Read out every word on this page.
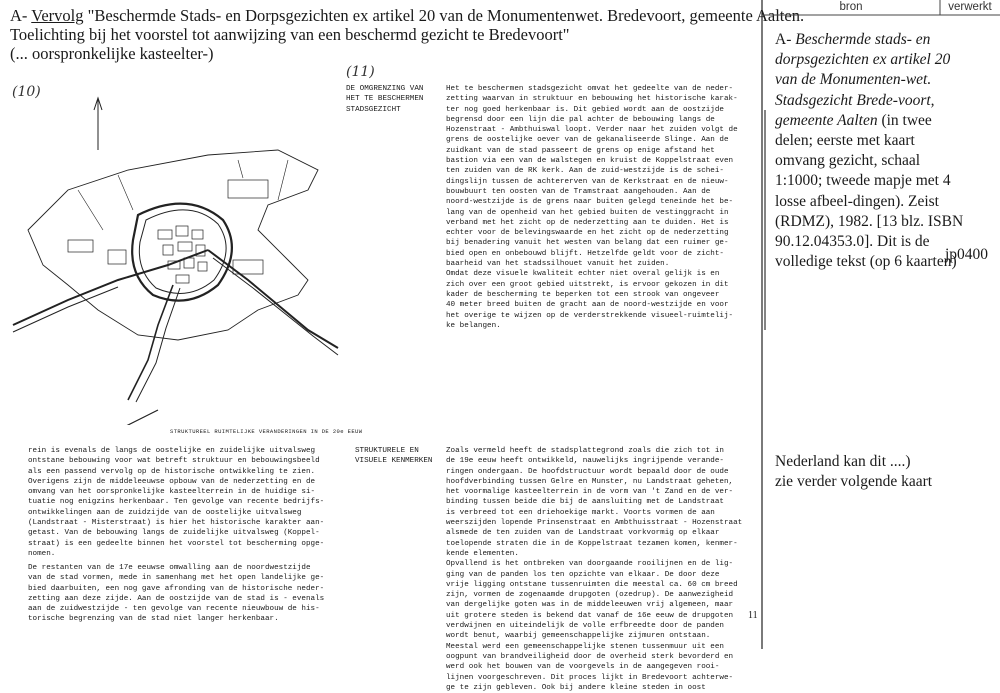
A- Vervolg "Beschermde Stads- en Dorpsgezichten ex artikel 20 van de Monumentenwet. Bredevoort, gemeente Aalten.
Toelichting bij het voorstel tot aanwijzing van een beschermd gezicht te Bredevoort"
(... oorspronkelijke kasteelter-)
(10)
(11)
STRUKTUREEL RUIMTELIJKE VERANDERINGEN IN DE 20e EEUW
DE OMGRENZING VAN
HET TE BESCHERMEN
STADSGEZICHT
Het te beschermen stadsgezicht omvat het gedeelte van de neder-
zetting waarvan in struktuur en bebouwing het historische karak-
ter nog goed herkenbaar is. Dit gebied wordt aan de oostzijde
begrensd door een lijn die pal achter de bebouwing langs de
Hozenstraat - Ambthuiswal loopt. Verder naar het zuiden volgt de
grens de oostelijke oever van de gekanaliseerde Slinge. Aan de
zuidkant van de stad passeert de grens op enige afstand het
bastion via een van de walstegen en kruist de Koppelstraat even
ten zuiden van de RK kerk. Aan de zuid-westzijde is de schei-
dingslijn tussen de achtererven van de Kerkstraat en de nieuw-
bouwbuurt ten oosten van de Tramstraat aangehouden. Aan de
noord-westzijde is de grens naar buiten gelegd teneinde het be-
lang van de openheid van het gebied buiten de vestinggracht in
verband met het zicht op de nederzetting aan te duiden. Het is
echter voor de belevingswaarde en het zicht op de nederzetting
bij benadering vanuit het westen van belang dat een ruimer ge-
bied open en onbebouwd blijft. Hetzelfde geldt voor de zicht-
baarheid van het stadssilhouet vanuit het zuiden.
Omdat deze visuele kwaliteit echter niet overal gelijk is en
zich over een groot gebied uitstrekt, is ervoor gekozen in dit
kader de bescherming te beperken tot een strook van ongeveer
40 meter breed buiten de gracht aan de noord-westzijde en voor
het overige te wijzen op de verderstrekkende visueel-ruimtelij-
ke belangen.
rein is evenals de langs de oostelijke en zuidelijke uitvalsweg
ontstane bebouwing voor wat betreft struktuur en bebouwingsbeeld
als een passend vervolg op de historische ontwikkeling te zien.
Overigens zijn de middeleeuwse opbouw van de nederzetting en de
omvang van het oorspronkelijke kasteelterrein in de huidige si-
tuatie nog enigzins herkenbaar. Ten gevolge van recente bedrijfs-
ontwikkelingen aan de zuidzijde van de oostelijke uitvalsweg
(Landstraat - Misterstraat) is hier het historische karakter aan-
getast. Van de bebouwing langs de zuidelijke uitvalsweg (Koppel-
straat) is een gedeelte binnen het voorstel tot bescherming opge-
nomen.
De restanten van de 17e eeuwse omwalling aan de noordwestzijde
van de stad vormen, mede in samenhang met het open landelijke ge-
bied daarbuiten, een nog gave afronding van de historische neder-
zetting aan deze zijde. Aan de oostzijde van de stad is - evenals
aan de zuidwestzijde - ten gevolge van recente nieuwbouw de his-
torische begrenzing van de stad niet langer herkenbaar.
STRUKTURELE EN
VISUELE KENMERKEN
Zoals vermeld heeft de stadsplattegrond zoals die zich tot in
de 19e eeuw heeft ontwikkeld, nauwelijks ingrijpende verande-
ringen ondergaan. De hoofdstructuur wordt bepaald door de oude
hoofdverbinding tussen Gelre en Munster, nu Landstraat geheten,
het voormalige kasteelterrein in de vorm van 't Zand en de ver-
binding tussen beide die bij de aansluiting met de Landstraat
is verbreed tot een driehoekige markt. Voorts vormen de aan
weerszijden lopende Prinsenstraat en Ambthuisstraat - Hozenstraat
alsmede de ten zuiden van de Landstraat vorkvormig op elkaar
toelopende straten die in de Koppelstraat tezamen komen, kenmer-
kende elementen.
Opvallend is het ontbreken van doorgaande rooilijnen en de lig-
ging van de panden los ten opzichte van elkaar. De door deze
vrije ligging ontstane tussenruimten die meestal ca. 60 cm breed
zijn, vormen de zogenaamde drupgoten (ozedrup). De aanwezigheid
van dergelijke goten was in de middeleeuwen vrij algemeen, maar
uit grotere steden is bekend dat vanaf de 16e eeuw de drupgoten
verdwijnen en uiteindelijk de volle erfbreedte door de panden
wordt benut, waarbij gemeenschappelijke zijmuren ontstaan.
Meestal werd een gemeenschappelijke stenen tussenmuur uit een
oogpunt van brandveiligheid door de overheid sterk bevorderd en
werd ook het bouwen van de voorgevels in de aangegeven rooi-
lijnen voorgeschreven. Dit proces lijkt in Bredevoort achterwe-
ge te zijn gebleven. Ook bij andere kleine steden in oost
11
bron	verwerkt
A- Beschermde stads- en dorpsgezichten ex artikel 20 van de Monumenten-wet. Stadsgezicht Brede-voort, gemeente Aalten (in twee delen; eerste met kaart omvang gezicht, schaal 1:1000; tweede mapje met 4 losse afbeel-dingen). Zeist (RDMZ), 1982. [13 blz. ISBN 90.12.04353.0]. Dit is de volledige tekst (op 6 kaarten)
jp0400
Nederland kan dit ....)
zie verder volgende kaart
